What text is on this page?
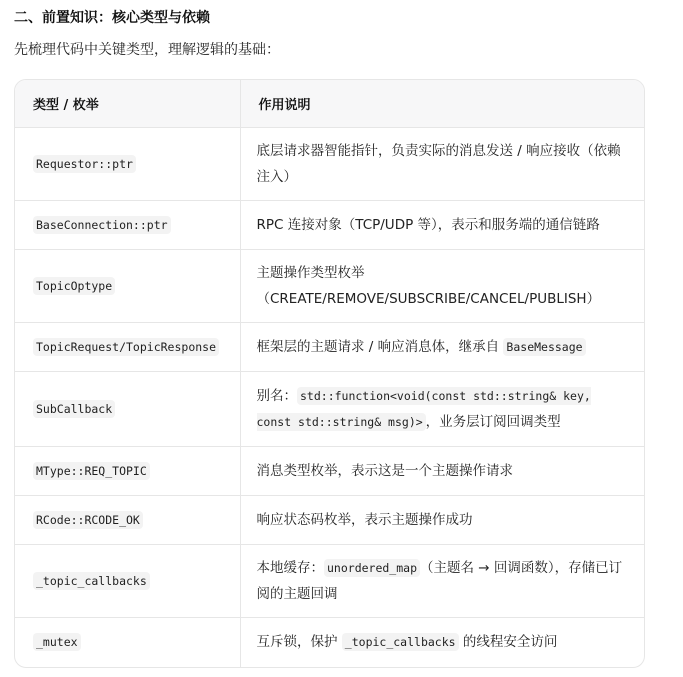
二、前置知识：核心类型与依赖
先梳理代码中关键类型，理解逻辑的基础：
类型 / 枚举	作用说明
Requestor::ptr	底层请求器智能指针，负责实际的消息发送 / 响应接收（依赖注入）
BaseConnection::ptr	RPC 连接对象（TCP/UDP 等），表示和服务端的通信链路
TopicOptype	主题操作类型枚举（CREATE/REMOVE/SUBSCRIBE/CANCEL/PUBLISH）
TopicRequest/TopicResponse	框架层的主题请求 / 响应消息体，继承自 BaseMessage
SubCallback	别名： std::function<void(const std::string& key, const std::string& msg)> ，业务层订阅回调类型
MType::REQ_TOPIC	消息类型枚举，表示这是一个主题操作请求
RCode::RCODE_OK	响应状态码枚举，表示主题操作成功
_topic_callbacks	本地缓存： unordered_map （主题名 → 回调函数），存储已订阅的主题回调
_mutex	互斥锁，保护 _topic_callbacks 的线程安全访问
